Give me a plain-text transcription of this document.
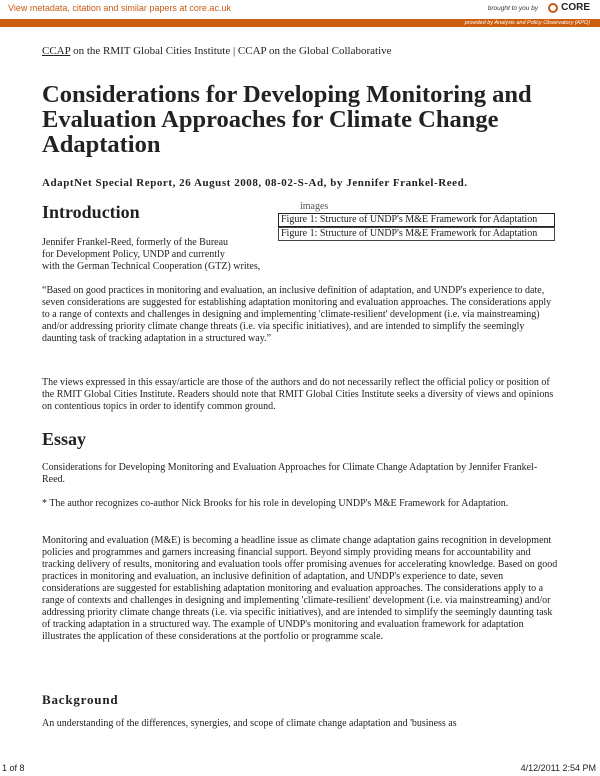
View metadata, citation and similar papers at core.ac.uk	brought to you by CORE
provided by Analysis and Policy Observatory (APO)
CCAP on the RMIT Global Cities Institute | CCAP on the Global Collaborative
Considerations for Developing Monitoring and Evaluation Approaches for Climate Change Adaptation
AdaptNet Special Report, 26 August 2008, 08-02-S-Ad, by Jennifer Frankel-Reed.
Introduction	images
Figure 1: Structure of UNDP's M&E Framework for Adaptation
Figure 1: Structure of UNDP's M&E Framework for Adaptation
Jennifer Frankel-Reed, formerly of the Bureau
for Development Policy, UNDP and currently
with the German Technical Cooperation (GTZ) writes,
“Based on good practices in monitoring and evaluation, an inclusive definition of adaptation, and UNDP's experience to date, seven considerations are suggested for establishing adaptation monitoring and evaluation approaches. The considerations apply to a range of contexts and challenges in designing and implementing 'climate-resilient' development (i.e. via mainstreaming) and/or addressing priority climate change threats (i.e. via specific initiatives), and are intended to simplify the seemingly daunting task of tracking adaptation in a structured way.”
The views expressed in this essay/article are those of the authors and do not necessarily reflect the official policy or position of the RMIT Global Cities Institute. Readers should note that RMIT Global Cities Institute seeks a diversity of views and opinions on contentious topics in order to identify common ground.
Essay
Considerations for Developing Monitoring and Evaluation Approaches for Climate Change Adaptation by Jennifer Frankel-Reed.
* The author recognizes co-author Nick Brooks for his role in developing UNDP's M&E Framework for Adaptation.
Monitoring and evaluation (M&E) is becoming a headline issue as climate change adaptation gains recognition in development policies and programmes and garners increasing financial support. Beyond simply providing means for accountability and tracking delivery of results, monitoring and evaluation tools offer promising avenues for accelerating knowledge. Based on good practices in monitoring and evaluation, an inclusive definition of adaptation, and UNDP's experience to date, seven considerations are suggested for establishing adaptation monitoring and evaluation approaches. The considerations apply to a range of contexts and challenges in designing and implementing 'climate-resilient' development (i.e. via mainstreaming) and/or addressing priority climate change threats (i.e. via specific initiatives), and are intended to simplify the seemingly daunting task of tracking adaptation in a structured way. The example of UNDP's monitoring and evaluation framework for adaptation illustrates the application of these considerations at the portfolio or programme scale.
Background
An understanding of the differences, synergies, and scope of climate change adaptation and 'business as
1 of 8	4/12/2011 2:54 PM
